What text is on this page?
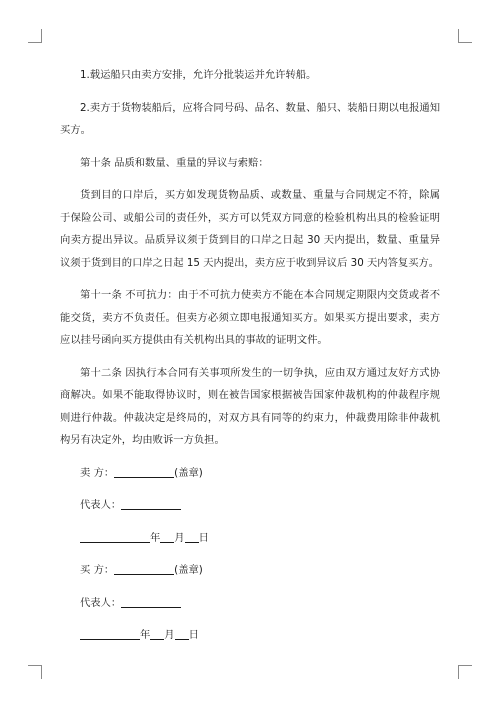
1.载运船只由卖方安排，允许分批装运并允许转船。

2.卖方于货物装船后，应将合同号码、品名、数量、船只、装船日期以电报通知买方。

第十条 品质和数量、重量的异议与索赔：

货到目的口岸后，买方如发现货物品质、或数量、重量与合同规定不符，除属于保险公司、或船公司的责任外，买方可以凭双方同意的检验机构出具的检验证明向卖方提出异议。品质异议须于货到目的口岸之日起 30 天内提出，数量、重量异议须于货到目的口岸之日起 15 天内提出，卖方应于收到异议后 30 天内答复买方。

第十一条 不可抗力：由于不可抗力使卖方不能在本合同规定期限内交货或者不能交货，卖方不负责任。但卖方必须立即电报通知买方。如果买方提出要求，卖方应以挂号函向买方提供由有关机构出具的事故的证明文件。

第十二条 因执行本合同有关事项所发生的一切争执，应由双方通过友好方式协商解决。如果不能取得协议时，则在被告国家根据被告国家仲裁机构的仲裁程序规则进行仲裁。仲裁决定是终局的，对双方具有同等的约束力，仲裁费用除非仲裁机构另有决定外，均由败诉一方负担。

卖 方：	(盖章)
代表人：
年 月 日
买 方：	(盖章)
代表人：
年 月 日
